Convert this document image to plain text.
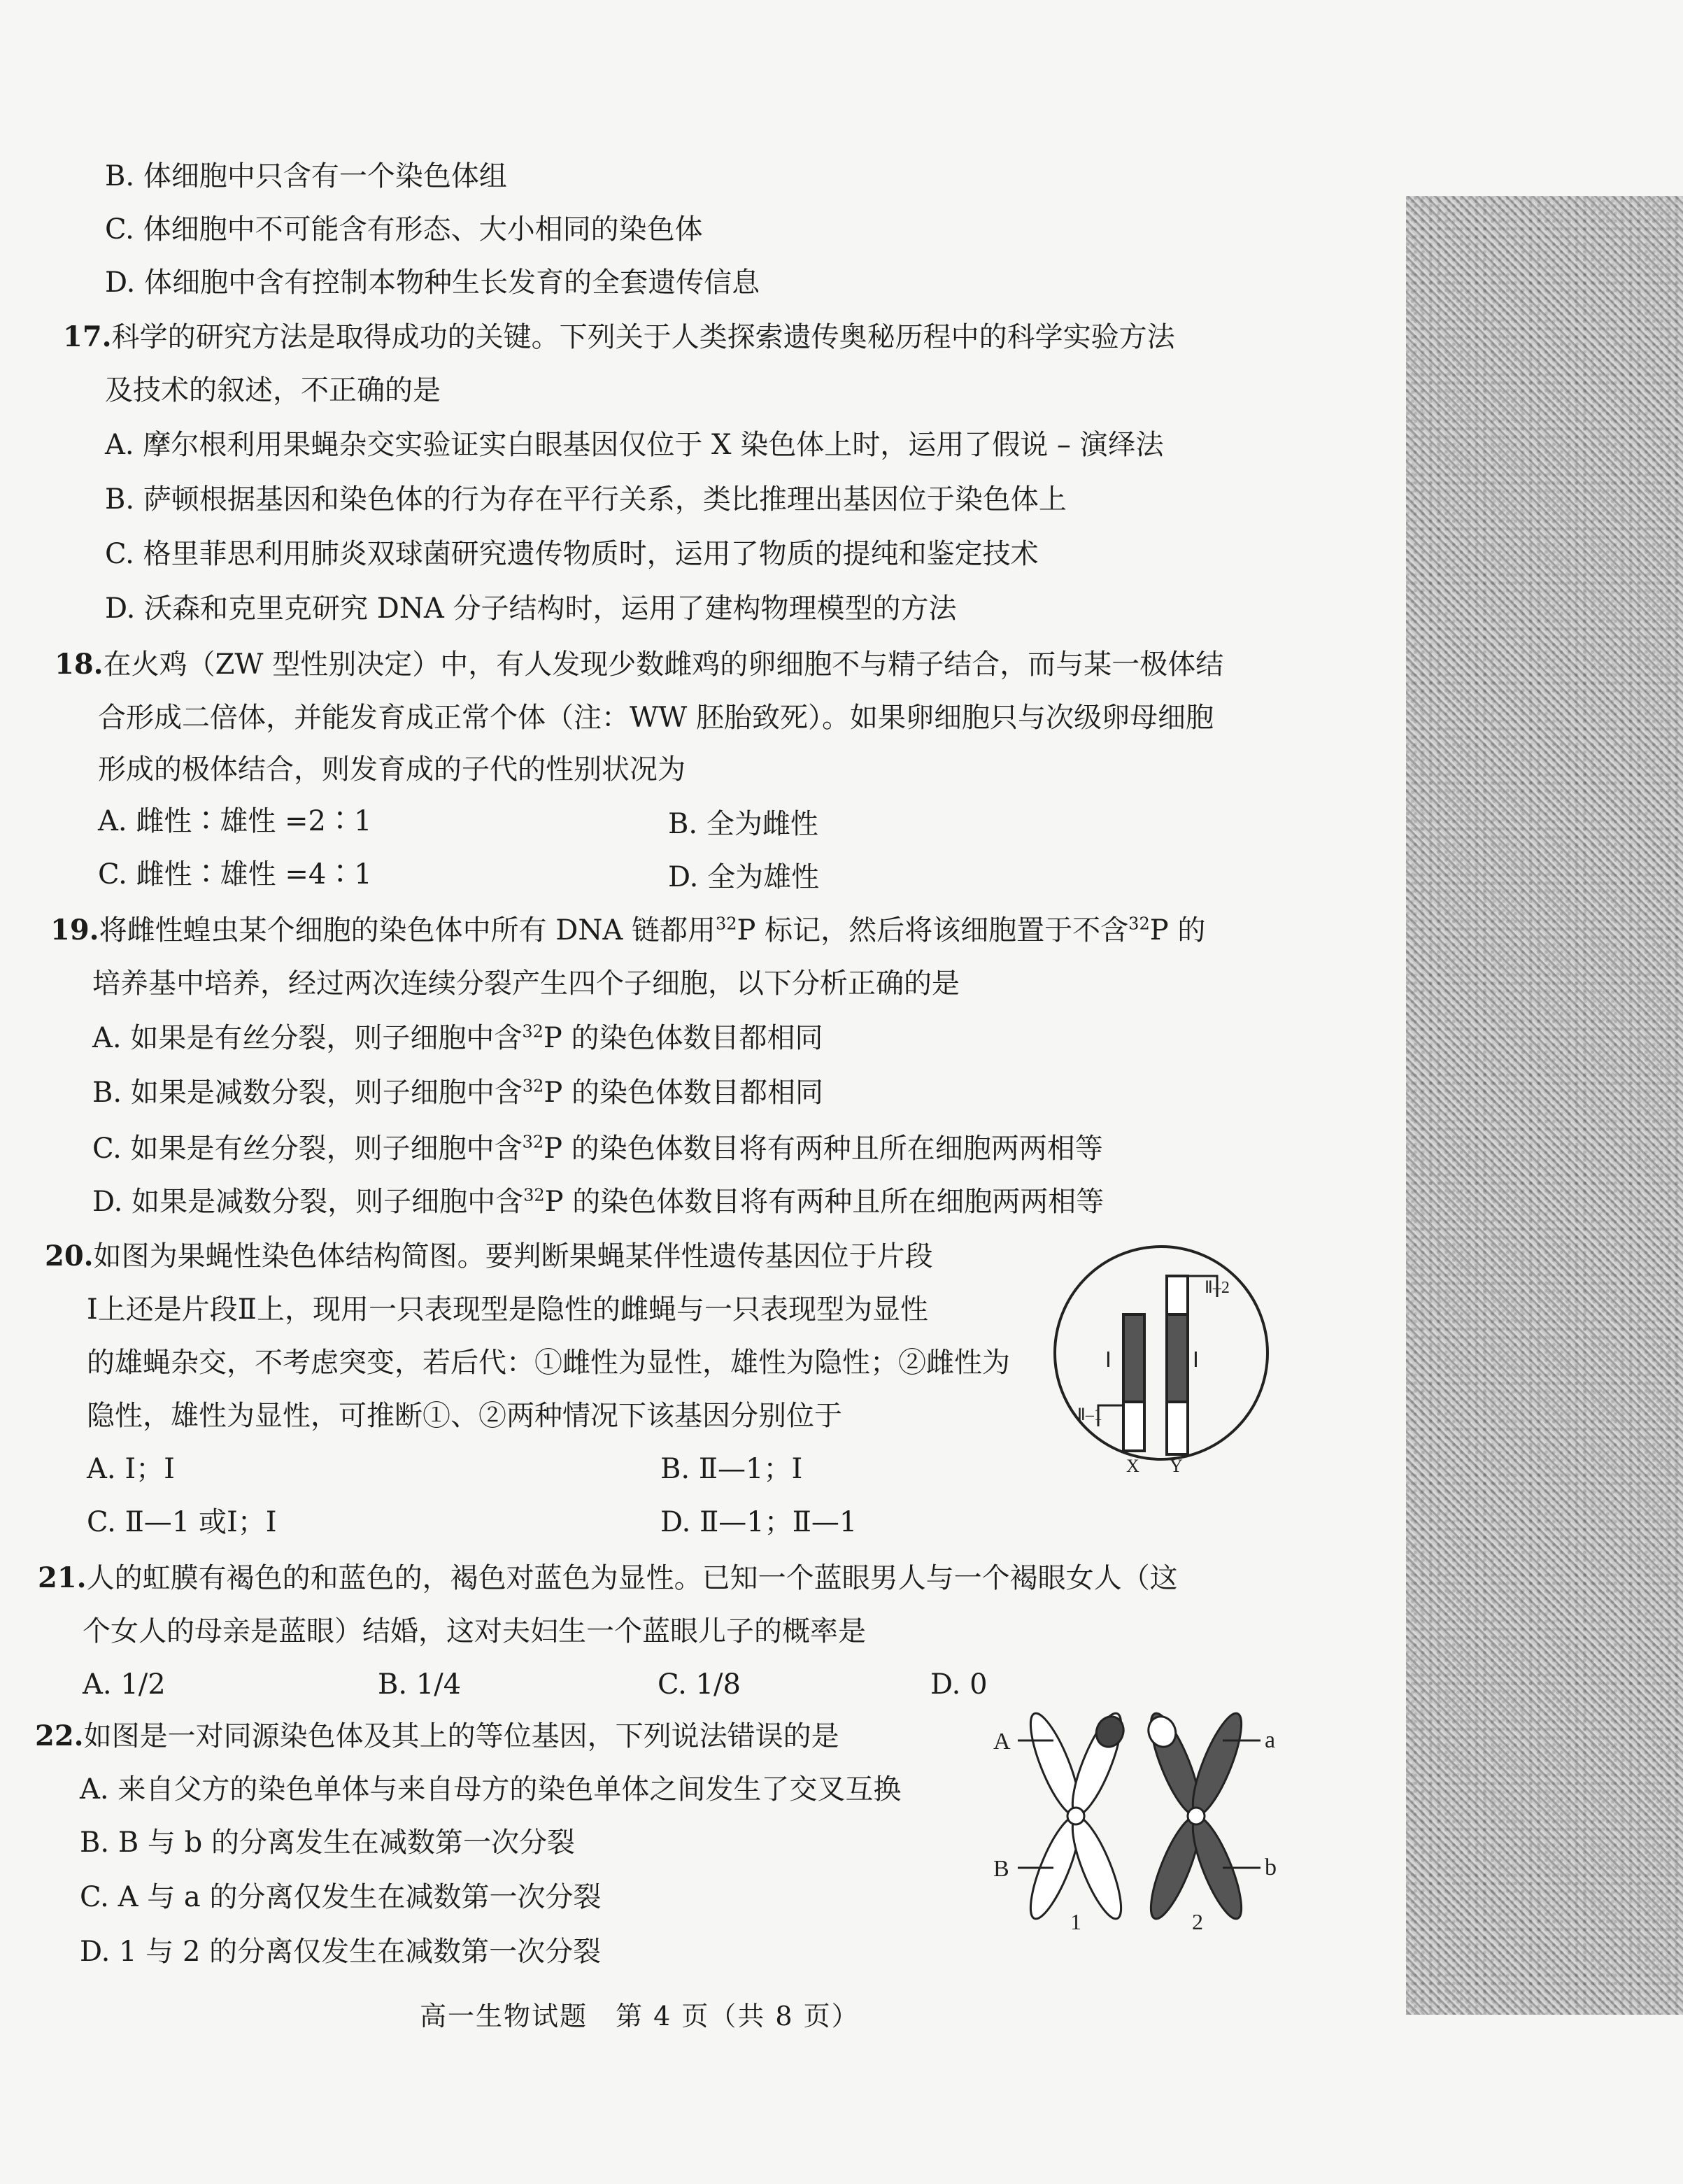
B. 体细胞中只含有一个染色体组
C. 体细胞中不可能含有形态、大小相同的染色体
D. 体细胞中含有控制本物种生长发育的全套遗传信息
17.科学的研究方法是取得成功的关键。下列关于人类探索遗传奥秘历程中的科学实验方法
及技术的叙述，不正确的是
A. 摩尔根利用果蝇杂交实验证实白眼基因仅位于 X 染色体上时，运用了假说 – 演绎法
B. 萨顿根据基因和染色体的行为存在平行关系，类比推理出基因位于染色体上
C. 格里菲思利用肺炎双球菌研究遗传物质时，运用了物质的提纯和鉴定技术
D. 沃森和克里克研究 DNA 分子结构时，运用了建构物理模型的方法
18.在火鸡（ZW 型性别决定）中，有人发现少数雌鸡的卵细胞不与精子结合，而与某一极体结
合形成二倍体，并能发育成正常个体（注：WW 胚胎致死）。如果卵细胞只与次级卵母细胞
形成的极体结合，则发育成的子代的性别状况为
A. 雌性∶雄性 =2∶1	B. 全为雌性
C. 雌性∶雄性 =4∶1	D. 全为雄性
19.将雌性蝗虫某个细胞的染色体中所有 DNA 链都用$^{32}$P 标记，然后将该细胞置于不含$^{32}$P 的
培养基中培养，经过两次连续分裂产生四个子细胞，以下分析正确的是
A. 如果是有丝分裂，则子细胞中含$^{32}$P 的染色体数目都相同
B. 如果是减数分裂，则子细胞中含$^{32}$P 的染色体数目都相同
C. 如果是有丝分裂，则子细胞中含$^{32}$P 的染色体数目将有两种且所在细胞两两相等
D. 如果是减数分裂，则子细胞中含$^{32}$P 的染色体数目将有两种且所在细胞两两相等
20.如图为果蝇性染色体结构简图。要判断果蝇某伴性遗传基因位于片段
Ⅰ上还是片段Ⅱ上，现用一只表现型是隐性的雌蝇与一只表现型为显性
的雄蝇杂交，不考虑突变，若后代：①雌性为显性，雄性为隐性；②雌性为
隐性，雄性为显性，可推断①、②两种情况下该基因分别位于
A. Ⅰ；Ⅰ	B. Ⅱ—1；Ⅰ
C. Ⅱ—1 或Ⅰ；Ⅰ	D. Ⅱ—1；Ⅱ—1
Ⅰ	Ⅰ
Ⅱ–2
Ⅱ–1
X Y
21.人的虹膜有褐色的和蓝色的，褐色对蓝色为显性。已知一个蓝眼男人与一个褐眼女人（这
个女人的母亲是蓝眼）结婚，这对夫妇生一个蓝眼儿子的概率是
A. 1/2	B. 1/4	C. 1/8	D. 0
22.如图是一对同源染色体及其上的等位基因，下列说法错误的是
A. 来自父方的染色单体与来自母方的染色单体之间发生了交叉互换
B. B 与 b 的分离发生在减数第一次分裂
C. A 与 a 的分离仅发生在减数第一次分裂
D. 1 与 2 的分离仅发生在减数第一次分裂
A
B
a
b
1	2
高一生物试题　第 4 页（共 8 页）
